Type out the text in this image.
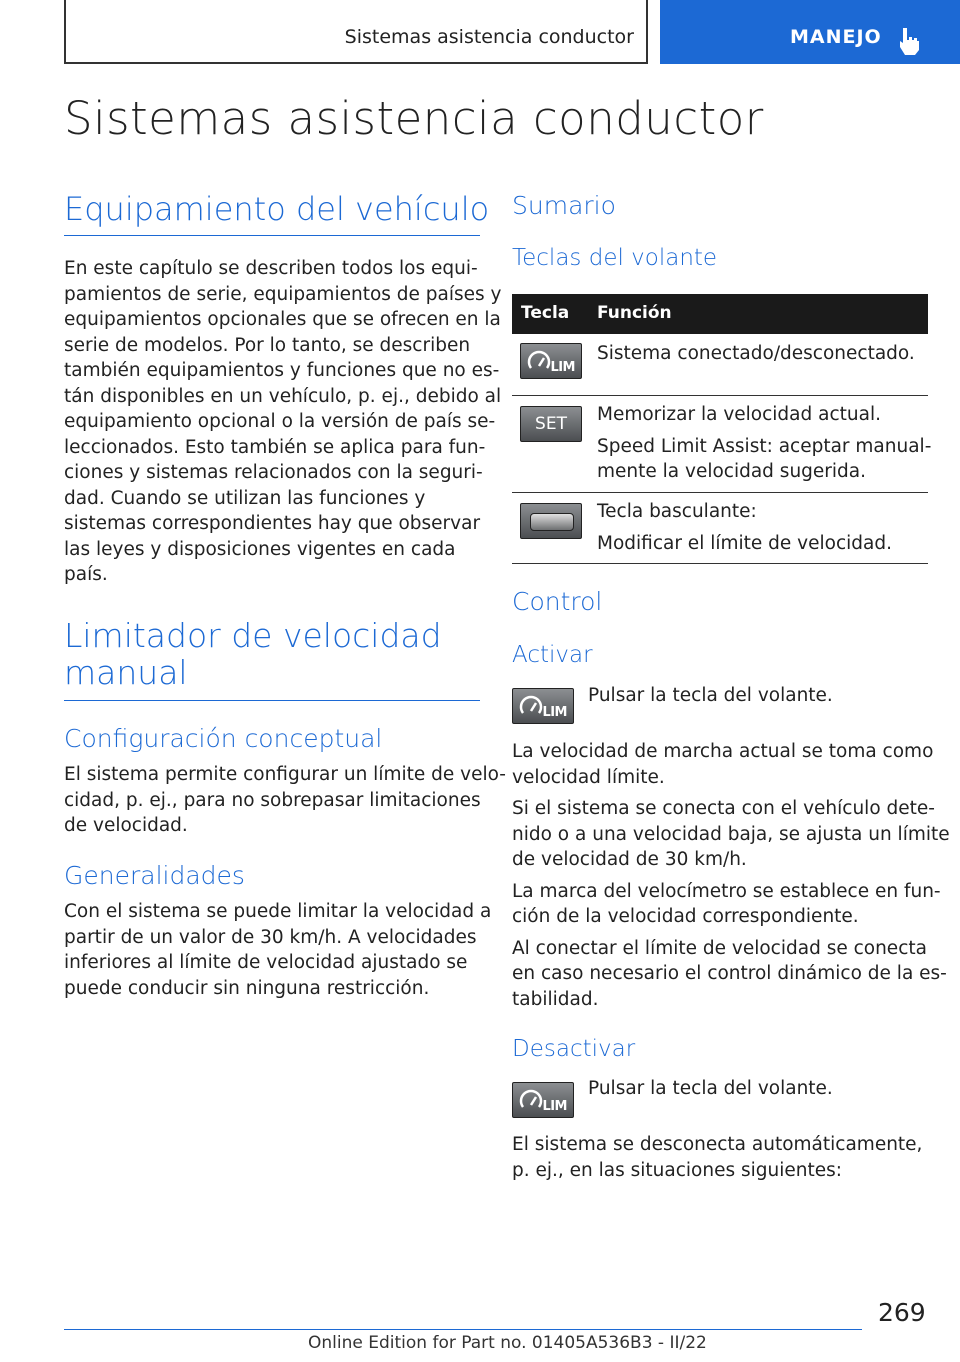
Sistemas asistencia conductor	MANEJO
Sistemas asistencia conductor
Equipamiento del vehículo
En este capítulo se describen todos los equi-
pamientos de serie, equipamientos de países y
equipamientos opcionales que se ofrecen en la
serie de modelos. Por lo tanto, se describen
también equipamientos y funciones que no es-
tán disponibles en un vehículo, p. ej., debido al
equipamiento opcional o la versión de país se-
leccionados. Esto también se aplica para fun-
ciones y sistemas relacionados con la seguri-
dad. Cuando se utilizan las funciones y
sistemas correspondientes hay que observar
las leyes y disposiciones vigentes en cada
país.
Limitador de velocidad
manual
Configuración conceptual
El sistema permite configurar un límite de velo-
cidad, p. ej., para no sobrepasar limitaciones
de velocidad.
Generalidades
Con el sistema se puede limitar la velocidad a
partir de un valor de 30 km/h. A velocidades
inferiores al límite de velocidad ajustado se
puede conducir sin ninguna restricción.
Sumario
Teclas del volante
Tecla Función
LIM
Sistema conectado/desconectado.
SET	Memorizar la velocidad actual.
Speed Limit Assist: aceptar manual-
mente la velocidad sugerida.
Tecla basculante:
Modificar el límite de velocidad.
Control
Activar
LIM
Pulsar la tecla del volante.
La velocidad de marcha actual se toma como
velocidad límite.
Si el sistema se conecta con el vehículo dete-
nido o a una velocidad baja, se ajusta un límite
de velocidad de 30 km/h.
La marca del velocímetro se establece en fun-
ción de la velocidad correspondiente.
Al conectar el límite de velocidad se conecta
en caso necesario el control dinámico de la es-
tabilidad.
Desactivar
LIM
Pulsar la tecla del volante.
El sistema se desconecta automáticamente,
p. ej., en las situaciones siguientes:
269
Online Edition for Part no. 01405A536B3 - II/22
